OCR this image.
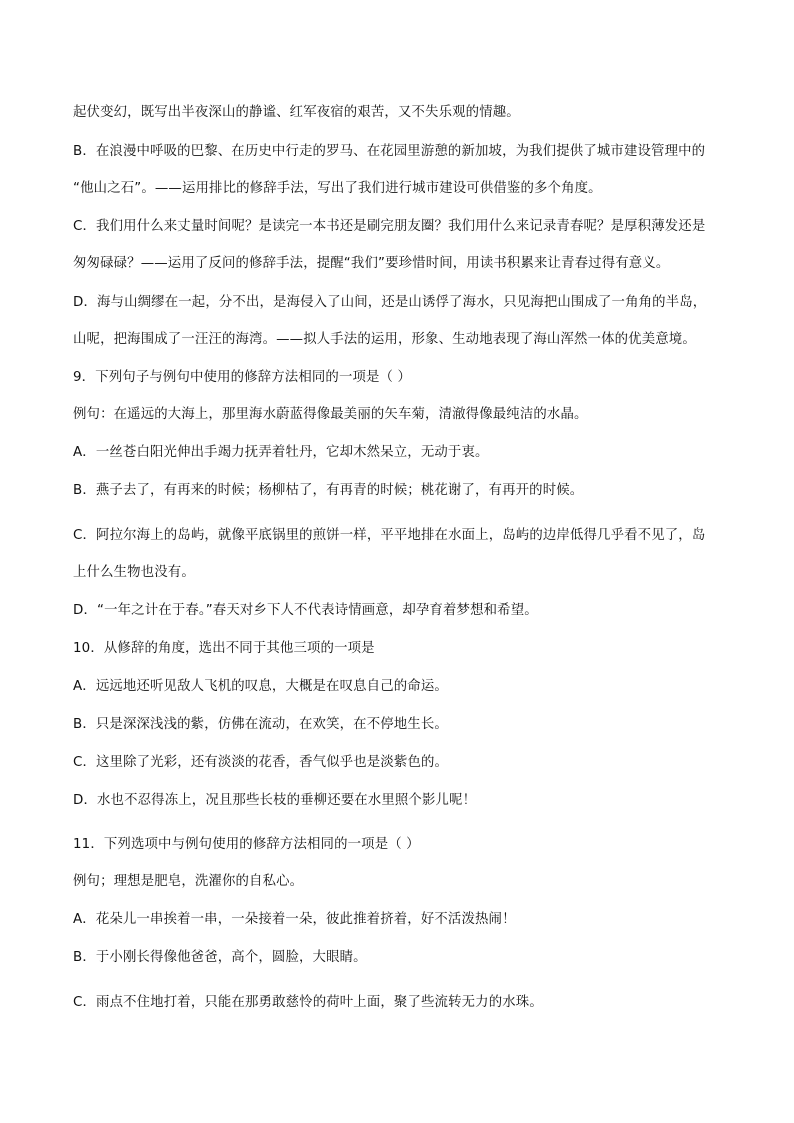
起伏变幻，既写出半夜深山的静谧、红军夜宿的艰苦，又不失乐观的情趣。
B．在浪漫中呼吸的巴黎、在历史中行走的罗马、在花园里游憩的新加坡，为我们提供了城市建设管理中的
“他山之石”。——运用排比的修辞手法，写出了我们进行城市建设可供借鉴的多个角度。
C．我们用什么来丈量时间呢？是读完一本书还是刷完朋友圈？我们用什么来记录青春呢？是厚积薄发还是
匆匆碌碌？——运用了反问的修辞手法，提醒“我们”要珍惜时间，用读书积累来让青春过得有意义。
D．海与山绸缪在一起，分不出，是海侵入了山间，还是山诱俘了海水，只见海把山围成了一角角的半岛，
山呢，把海围成了一汪汪的海湾。——拟人手法的运用，形象、生动地表现了海山浑然一体的优美意境。
9．下列句子与例句中使用的修辞方法相同的一项是（ ）
例句：在遥远的大海上，那里海水蔚蓝得像最美丽的矢车菊，清澈得像最纯洁的水晶。
A．一丝苍白阳光伸出手竭力抚弄着牡丹，它却木然呆立，无动于衷。
B．燕子去了，有再来的时候；杨柳枯了，有再青的时候；桃花谢了，有再开的时候。
C．阿拉尔海上的岛屿，就像平底锅里的煎饼一样，平平地排在水面上，岛屿的边岸低得几乎看不见了，岛
上什么生物也没有。
D．“一年之计在于春。”春天对乡下人不代表诗情画意，却孕育着梦想和希望。
10．从修辞的角度，选出不同于其他三项的一项是
A．远远地还听见敌人飞机的叹息，大概是在叹息自己的命运。
B．只是深深浅浅的紫，仿佛在流动，在欢笑，在不停地生长。
C．这里除了光彩，还有淡淡的花香，香气似乎也是淡紫色的。
D．水也不忍得冻上，况且那些长枝的垂柳还要在水里照个影儿呢！
11．下列选项中与例句使用的修辞方法相同的一项是（ ）
例句；理想是肥皂，洗濯你的自私心。
A．花朵儿一串挨着一串，一朵接着一朵，彼此推着挤着，好不活泼热闹！
B．于小刚长得像他爸爸，高个，圆脸，大眼睛。
C．雨点不住地打着，只能在那勇敢慈怜的荷叶上面，聚了些流转无力的水珠。
